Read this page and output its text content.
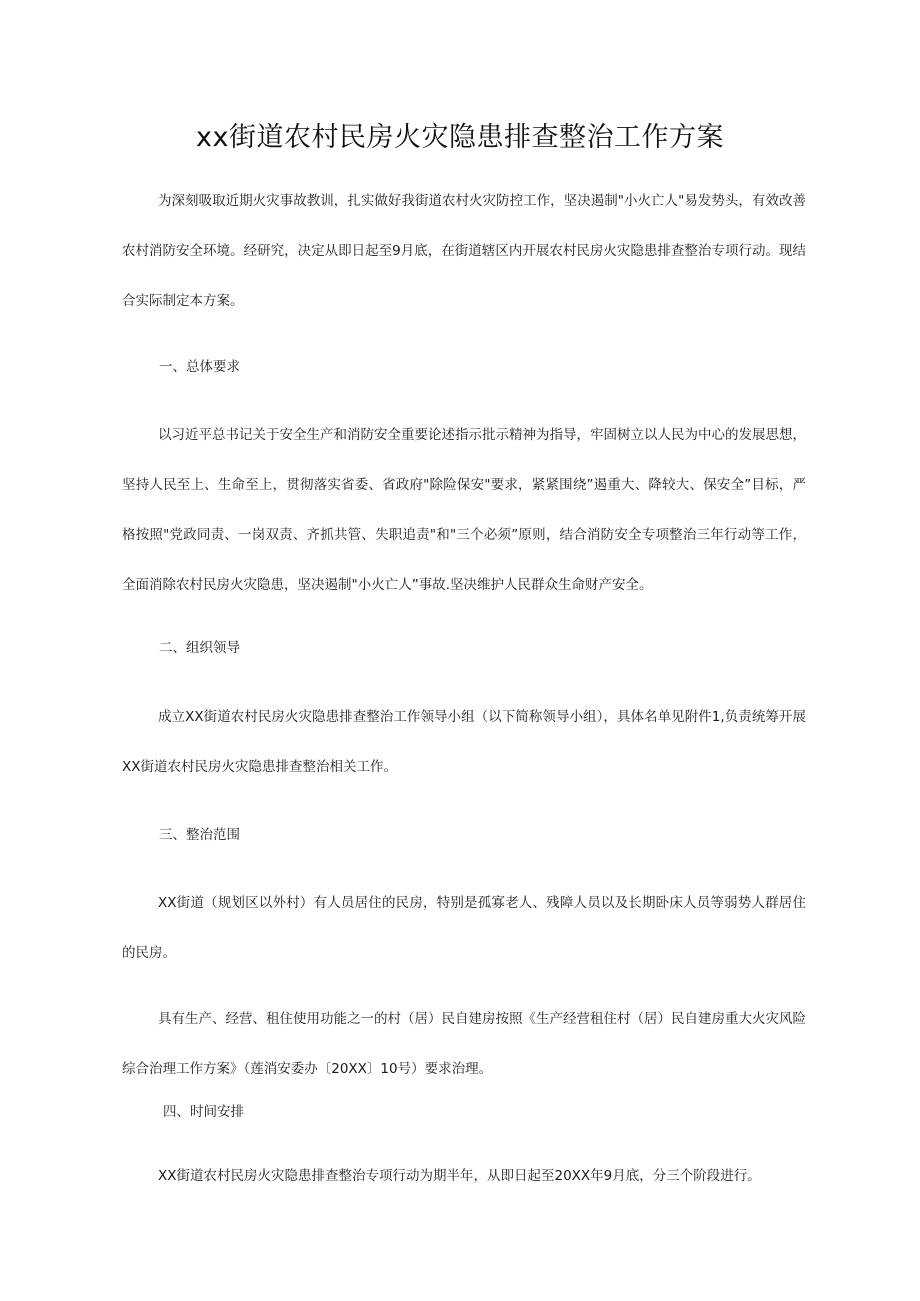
xx街道农村民房火灾隐患排查整治工作方案

为深刻吸取近期火灾事故教训，扎实做好我街道农村火灾防控工作，坚决遏制"小火亡人"易发势头，有效改善农村消防安全环境。经研究，决定从即日起至9月底，在街道辖区内开展农村民房火灾隐患排查整治专项行动。现结合实际制定本方案。

一、总体要求

以习近平总书记关于安全生产和消防安全重要论述指示批示精神为指导，牢固树立以人民为中心的发展思想，坚持人民至上、生命至上，贯彻落实省委、省政府"除险保安"要求，紧紧围绕”遏重大、降较大、保安全”目标，严格按照"党政同责、一岗双责、齐抓共管、失职追责"和"三个必须”原则，结合消防安全专项整治三年行动等工作，全面消除农村民房火灾隐患，坚决遏制"小火亡人”事故.坚决维护人民群众生命财产安全。

二、组织领导

成立XX街道农村民房火灾隐患排查整治工作领导小组（以下简称领导小组），具体名单见附件1,负责统筹开展XX街道农村民房火灾隐患排查整治相关工作。

三、整治范围

XX街道（规划区以外村）有人员居住的民房，特别是孤寡老人、残障人员以及长期卧床人员等弱势人群居住的民房。

具有生产、经营、租住使用功能之一的村（居）民自建房按照《生产经营租住村（居）民自建房重大火灾风险综合治理工作方案》（莲消安委办〔20XX〕10号）要求治理。

四、时间安排

XX街道农村民房火灾隐患排查整治专项行动为期半年，从即日起至20XX年9月底，分三个阶段进行。
